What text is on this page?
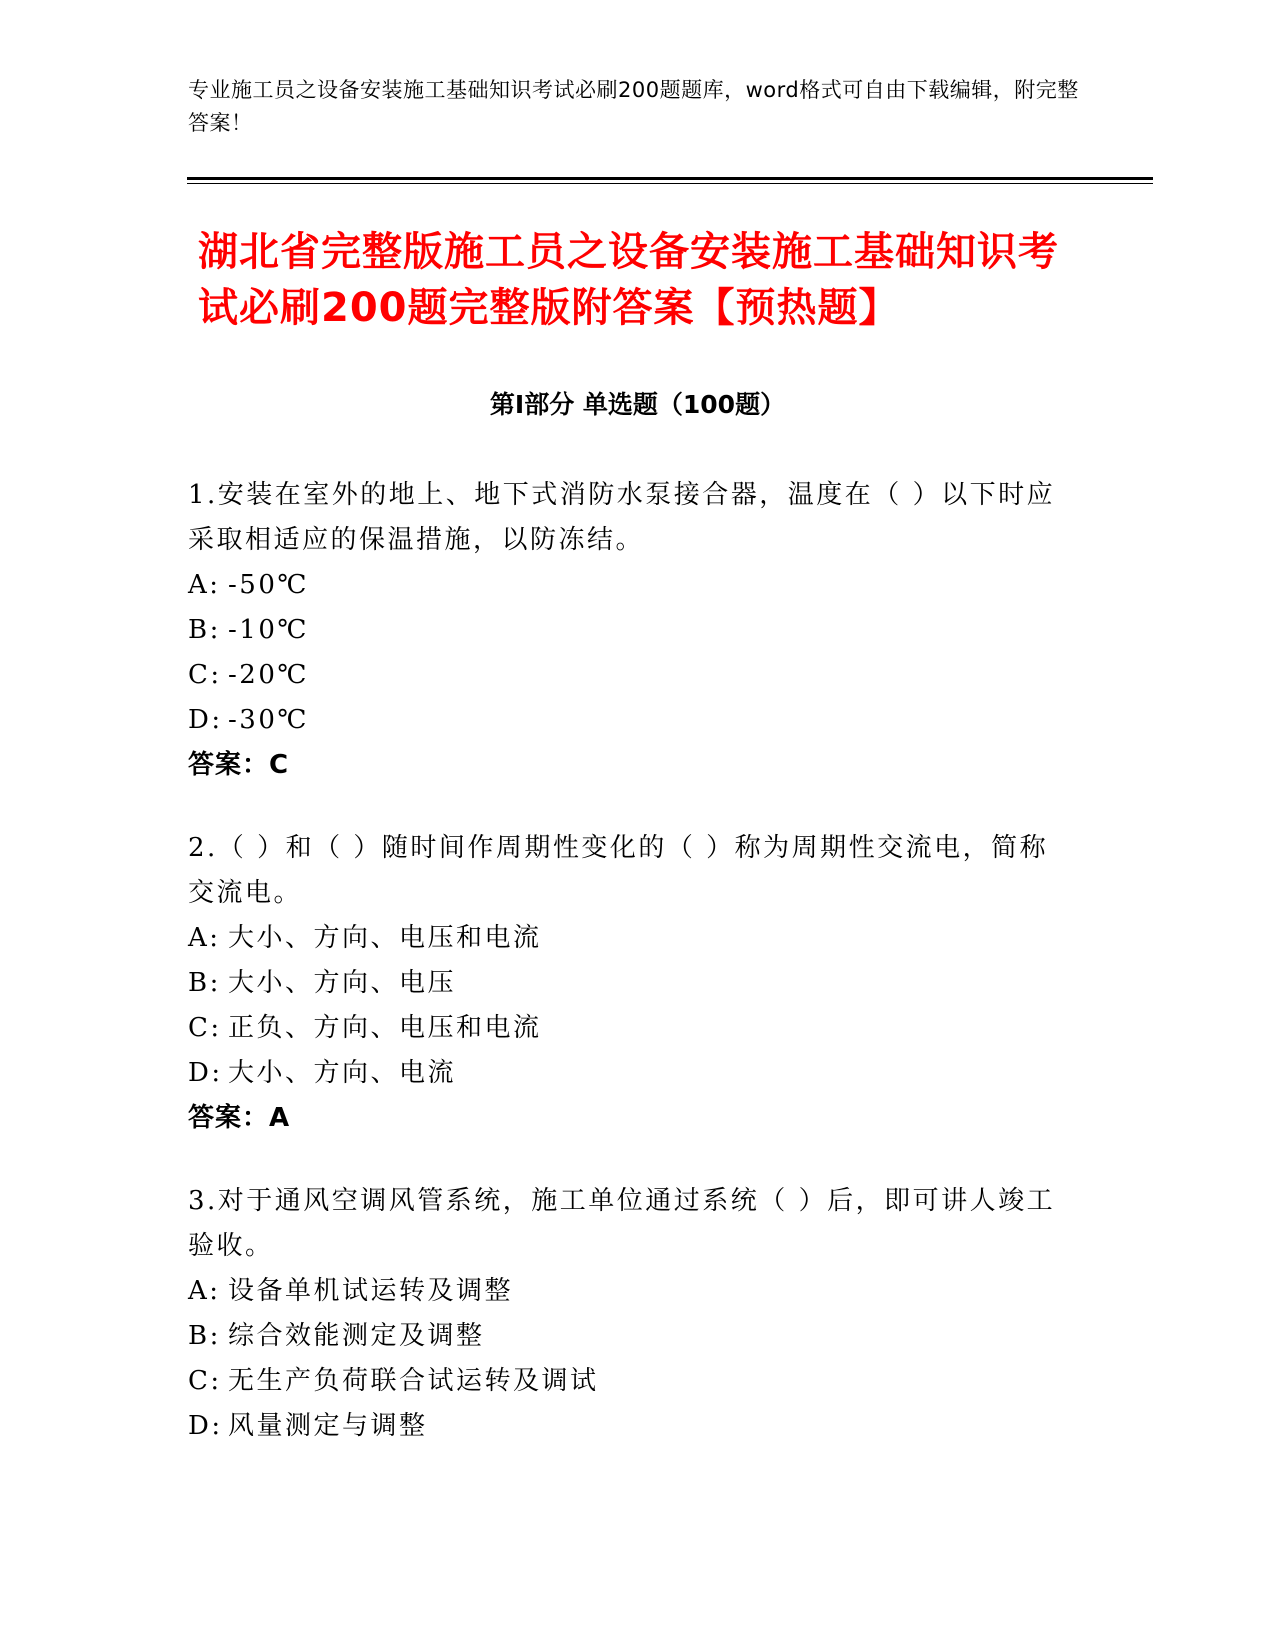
专业施工员之设备安装施工基础知识考试必刷200题题库，word格式可自由下载编辑，附完整答案！
湖北省完整版施工员之设备安装施工基础知识考试必刷200题完整版附答案【预热题】
第Ⅰ部分 单选题（100题）

1.安装在室外的地上、地下式消防水泵接合器，温度在（ ）以下时应采取相适应的保温措施，以防冻结。

A: -50℃
B: -10℃
C: -20℃
D: -30℃

答案：C

2.（ ）和（ ）随时间作周期性变化的（ ）称为周期性交流电，简称交流电。

A: 大小、方向、电压和电流
B: 大小、方向、电压
C: 正负、方向、电压和电流
D: 大小、方向、电流

答案：A

3.对于通风空调风管系统，施工单位通过系统（ ）后，即可讲人竣工验收。

A: 设备单机试运转及调整
B: 综合效能测定及调整
C: 无生产负荷联合试运转及调试
D: 风量测定与调整
